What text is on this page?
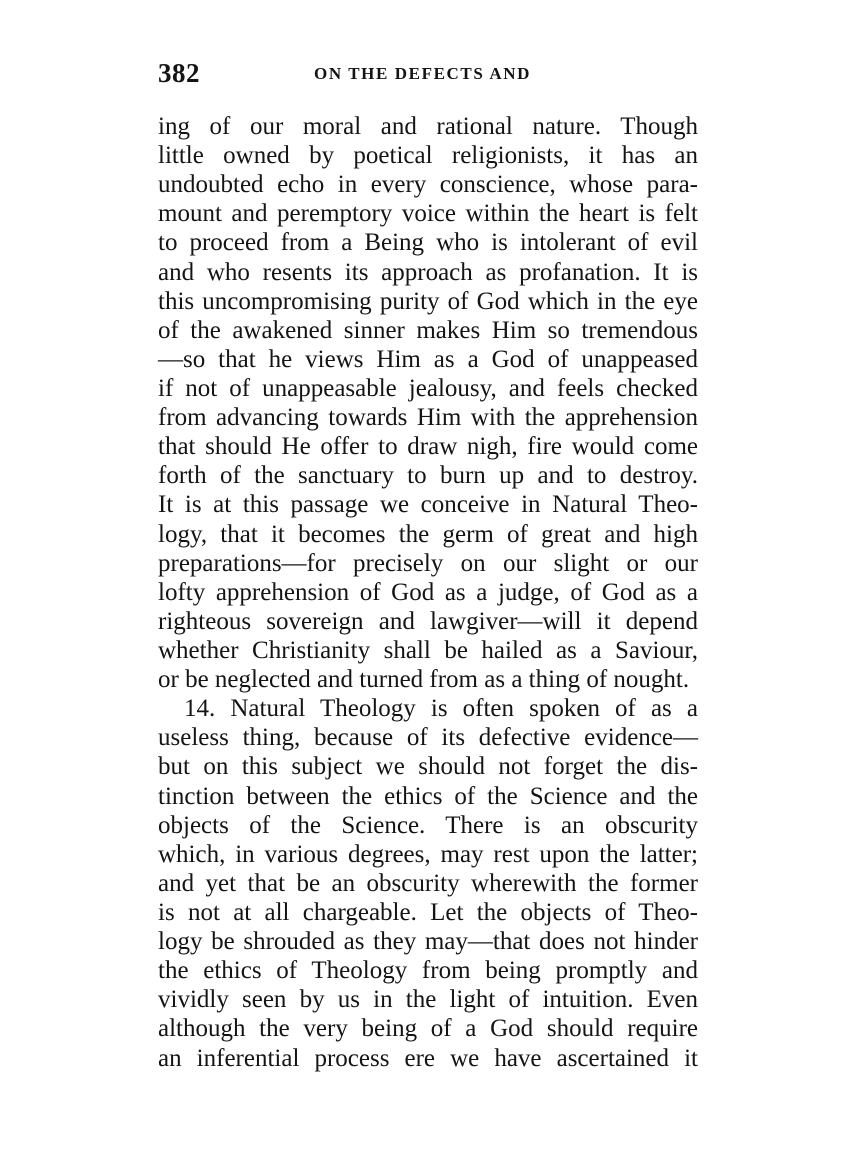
382	ON THE DEFECTS AND
ing of our moral and rational nature. Though
little owned by poetical religionists, it has an
undoubted echo in every conscience, whose para-
mount and peremptory voice within the heart is felt
to proceed from a Being who is intolerant of evil
and who resents its approach as profanation. It is
this uncompromising purity of God which in the eye
of the awakened sinner makes Him so tremendous
—so that he views Him as a God of unappeased
if not of unappeasable jealousy, and feels checked
from advancing towards Him with the apprehension
that should He offer to draw nigh, fire would come
forth of the sanctuary to burn up and to destroy.
It is at this passage we conceive in Natural Theo-
logy, that it becomes the germ of great and high
preparations—for precisely on our slight or our
lofty apprehension of God as a judge, of God as a
righteous sovereign and lawgiver—will it depend
whether Christianity shall be hailed as a Saviour,
or be neglected and turned from as a thing of nought.
14. Natural Theology is often spoken of as a
useless thing, because of its defective evidence—
but on this subject we should not forget the dis-
tinction between the ethics of the Science and the
objects of the Science. There is an obscurity
which, in various degrees, may rest upon the latter;
and yet that be an obscurity wherewith the former
is not at all chargeable. Let the objects of Theo-
logy be shrouded as they may—that does not hinder
the ethics of Theology from being promptly and
vividly seen by us in the light of intuition. Even
although the very being of a God should require
an inferential process ere we have ascertained it
